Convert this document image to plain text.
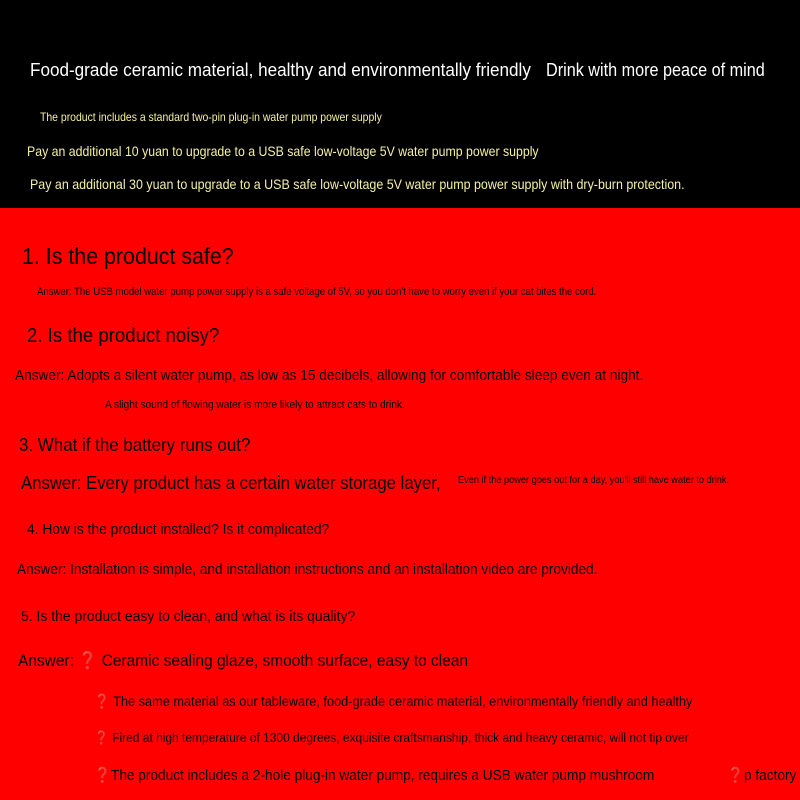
Food-grade ceramic material, healthy and environmentally friendly Drink with more peace of mind

The product includes a standard two-pin plug-in water pump power supply

Pay an additional 10 yuan to upgrade to a USB safe low-voltage 5V water pump power supply

Pay an additional 30 yuan to upgrade to a USB safe low-voltage 5V water pump power supply with dry-burn protection.

1. Is the product safe?

Answer: The USB model water pump power supply is a safe voltage of 5V, so you don't have to worry even if your cat bites the cord.

2. Is the product noisy?

Answer: Adopts a silent water pump, as low as 15 decibels, allowing for comfortable sleep even at night.

A slight sound of flowing water is more likely to attract cats to drink.

3. What if the battery runs out?

Answer: Every product has a certain water storage layer, Even if the power goes out for a day, you'll still have water to drink.

4. How is the product installed? Is it complicated?

Answer: Installation is simple, and installation instructions and an installation video are provided.

5. Is the product easy to clean, and what is its quality?

Answer: ❓ Ceramic sealing glaze, smooth surface, easy to clean

❓ The same material as our tableware, food-grade ceramic material, environmentally friendly and healthy

❓ Fired at high temperature of 1300 degrees, exquisite craftsmanship, thick and heavy ceramic, will not tip over

❓The product includes a 2-hole plug-in water pump, requires a USB water pump mushroom	❓p factory
